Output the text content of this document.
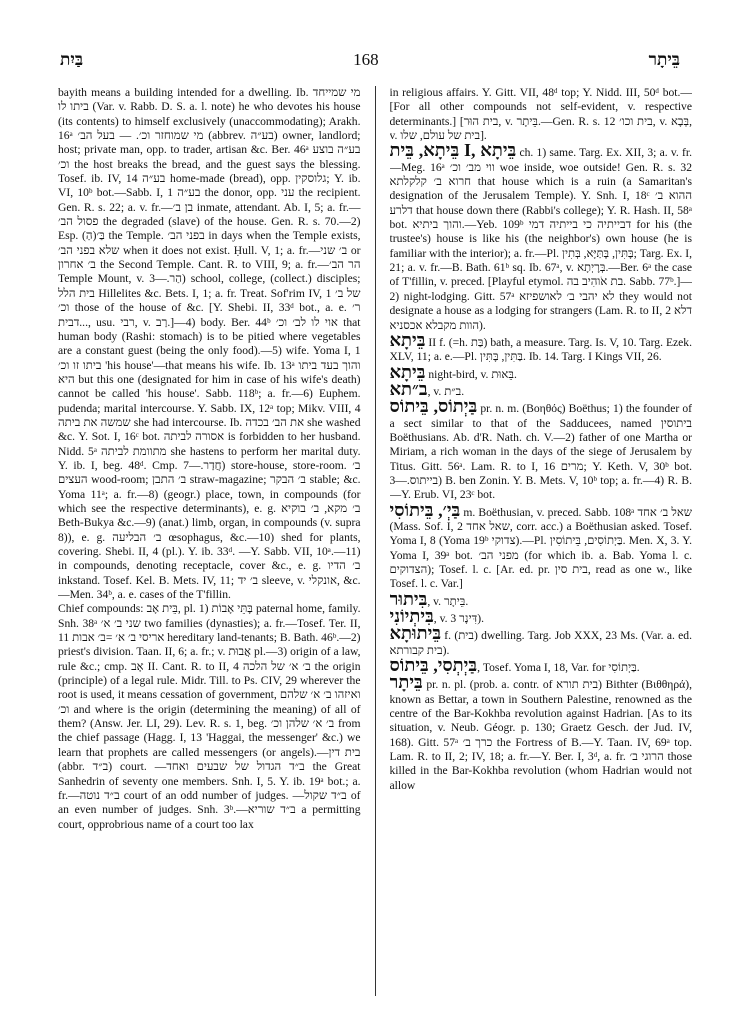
בַּיִת	168	בֵּיתָר

bayith means a building intended for a dwelling. Ib. מי שמייחד ביתו לו (Var. v. Rabb. D. S. a. l. note) he who devotes his house (its contents) to himself exclusively (unaccommodating); Arakh. 16ᵃ מי שמוחזר וכ׳. — בעל הב׳ (abbrev. בע״ה) owner, landlord; host; private man, opp. to trader, artisan &c. Ber. 46ᵃ בע״ה בוצע וכ׳ the host breaks the bread, and the guest says the blessing. Tosef. ib. IV, 14 בע״ה home-made (bread), opp. גלוסקין; Y. ib. VI, 10ᵇ bot.—Sabb. I, 1 בע״ה the donor, opp. עני the recipient. Gen. R. s. 22; a. v. fr.—בן ב׳ inmate, attendant. Ab. I, 5; a. fr.—פסול הב׳ the degraded (slave) of the house. Gen. R. s. 70.—2) Esp. (הַ)בַּ׳ the Temple. בפני הב׳ in days when the Temple exists, שלא בפני הב׳ when it does not exist. Ḥull. V, 1; a. fr.—ב׳ שני or ב׳ אחרון the Second Temple. Cant. R. to VIII, 9; a. fr.—הר הב׳ Temple Mount, v. הַר.—3) school, college, (collect.) disciples; בית הלל Hillelites &c. Bets. I, 1; a. fr. Treat. Sof'rim IV, 1 של ב׳ וכ׳ those of the house of &c. [Y. Shebi. II, 33ᵈ bot., a. e. ר׳ ...דבית, usu. רבי, v. רַב.]—4) body. Ber. 44ᵇ אוי לו לב׳ וכ׳ that human body (Rashi: stomach) is to be pitied where vegetables are a constant guest (being the only food).—5) wife. Yoma I, 1 ביתו זו וכ׳ 'his house'—that means his wife. Ib. 13ᵃ והוך בעד ביתו היא but this one (designated for him in case of his wife's death) cannot be called 'his house'. Sabb. 118ᵇ; a. fr.—6) Euphem. pudenda; marital intercourse. Y. Sabb. IX, 12ᵃ top; Mikv. VIII, 4 שמשה את ביתה she had intercourse. Ib. את הב׳ בכדה she washed &c. Y. Sot. I, 16ᶜ bot. אסורה לביתה is forbidden to her husband. Nidd. 5ᵃ מתוומת לביתה she hastens to perform her marital duty. Y. ib. I, beg. 48ᵈ. Cmp. חֲדַר.—7) store-house, store-room. ב׳ העצים wood-room; ב׳ התבן straw-magazine; ב׳ הבקר stable; &c. Yoma 11ᵃ; a. fr.—8) (geogr.) place, town, in compounds (for which see the respective determinants), e. g. ב׳ מקא, ב׳ בוקיא Beth-Bukya &c.—9) (anat.) limb, organ, in compounds (v. supra 8)), e. g. ב׳ הבליעה œsophagus, &c.—10) shed for plants, covering. Shebi. II, 4 (pl.). Y. ib. 33ᵈ. —Y. Sabb. VII, 10ᵃ.—11) in compounds, denoting receptacle, cover &c., e. g. ב׳ הדיו inkstand. Tosef. Kel. B. Mets. IV, 11; ב׳ יד sleeve, v. אונקלי, &c.—Men. 34ᵇ, a. e. cases of the T'fillin.

Chief compounds: בֵּית אָב, pl. 1) בָּתֵּי אָבוֹת paternal home, family. Snh. 38ᵃ שני ב׳ א׳ two families (dynasties); a. fr.—Tosef. Ter. II, 11 אריסי ב׳ א׳ =ב׳ אבות hereditary land-tenants; B. Bath. 46ᵇ.—2) priest's division. Taan. II, 6; a. fr.; v. אֲבוּת pl.—3) origin of a law, rule &c.; cmp. אָב II. Cant. R. to II, 4 ב׳ א׳ של הלכה the origin (principle) of a legal rule. Midr. Till. to Ps. CIV, 29 wherever the root is used, it means cessation of government, ואיזהו ב׳ א׳ שלהם וכ׳ and where is the origin (determining the meaning) of all of them? (Answ. Jer. LI, 29). Lev. R. s. 1, beg. ב׳ א׳ שלהן וכ׳ from the chief passage (Hagg. I, 13 'Haggai, the messenger' &c.) we learn that prophets are called messengers (or angels).—בית דין (abbr. ב״ד) court. —ב״ד הגדול של שבעים ואחד the Great Sanhedrin of seventy one members. Snh. I, 5. Y. ib. 19ᵃ bot.; a. fr.—ב״ד נוטה court of an odd number of judges. —ב״ד שקול of an even number of judges. Snh. 3ᵇ.—ב״ד שוריא a permitting court, opprobrious name of a court too lax

in religious affairs. Y. Gitt. VII, 48ᵈ top; Y. Nidd. III, 50ᵈ bot.—[For all other compounds not self-evident, v. respective determinants.] [בית הוּר, v. בֵּיתָר.—Gen. R. s. 12 בית וכו׳, v. בְּבָא, v. בית של עולם, שלו].

בֵּיתָא, בֵּית I, בֵּיתָא ch. 1) same. Targ. Ex. XII, 3; a. v. fr.—Meg. 16ᵃ ווי מב׳ וכ׳ woe inside, woe outside! Gen. R. s. 32 חרוא ב׳ קלקלתא that house which is a ruin (a Samaritan's designation of the Jerusalem Temple). Y. Snh. I, 18ᶜ ההוא ב׳ דלרע that house down there (Rabbi's college); Y. R. Hash. II, 58ᵃ bot. והוך ביתיא.—Yeb. 109ᵇ דבייתיה כי בייתיה דמי for his (the trustee's) house is like his (the neighbor's) own house (he is familiar with the interior); a. fr.—Pl. בָּתִּין, בָּתַּיָּא, בְּתִין; Targ. Ex. I, 21; a. v. fr.—B. Bath. 61ᵇ sq. Ib. 67ᵃ, v. בְּרָיְתָא.—Ber. 6ᵃ the case of T'fillin, v. preced. [Playful etymol. בת אֹוהִיב בה. Sabb. 77ᵇ.]—2) night-lodging. Gitt. 57ᵃ לא יהבי ב׳ לאושפיזא they would not designate a house as a lodging for strangers (Lam. R. to II, 2 דלא הוות מקבלא אכסניא).

בֵּיתָא II f. (=h. בַּת) bath, a measure. Targ. Is. V, 10. Targ. Ezek. XLV, 11; a. e.—Pl. בַּתִּין, בָּתִּין. Ib. 14. Targ. I Kings VII, 26.

בֵּיתָא night-bird, v. בֵּאוּת.

ב״תא, v. ב״ת.

בַּיְתוֹס, בֵּיתוֹס pr. n. m. (Βοηθός) Boëthus; 1) the founder of a sect similar to that of the Sadducees, named ביתוסין Boëthusians. Ab. d'R. Nath. ch. V.—2) father of one Martha or Miriam, a rich woman in the days of the siege of Jerusalem by Titus. Gitt. 56ᵃ. Lam. R. to I, 16 מרים; Y. Keth. V, 30ᵇ bot. בייתוס.—3) B. ben Zonin. Y. B. Mets. V, 10ᵇ top; a. fr.—4) R. B.—Y. Erub. VI, 23ᶜ bot.

בַּיְ׳, בֵּיתוֹסִי m. Boëthusian, v. preced. Sabb. 108ᵃ שאל ב׳ אחד (Mass. Sof. I, 2 שאל אחד, corr. acc.) a Boëthusian asked. Tosef. Yoma I, 8 (Yoma 19ᵇ צדוקי).—Pl. בַּיְתוֹסִים, בֵּיתוֹסִין. Men. X, 3. Y. Yoma I, 39ᵃ bot. מפני הב׳ (for which ib. a. Bab. Yoma l. c. הצדוקים); Tosef. l. c. [Ar. ed. pr. בית סין, read as one w., like Tosef. l. c. Var.]

בִּיתוּר, v. בֵּיתָר.

בִּיתְיוֹנִי, v. דִּינָר 3).

בֵּיתוּתָא f. (בית) dwelling. Targ. Job XXX, 23 Ms. (Var. a. ed. בית קבורתא).

בַּיְתְסִי, בֵּיתוֹס, Tosef. Yoma I, 18, Var. for בַּיְתוֹסִי.

בֵּיתָר pr. n. pl. (prob. a. contr. of בית תורא) Bithter (Βιθθηρά), known as Bettar, a town in Southern Palestine, renowned as the centre of the Bar-Kokhba revolution against Hadrian. [As to its situation, v. Neub. Géogr. p. 130; Graetz Gesch. der Jud. IV, 168). Gitt. 57ᵃ כרך ב׳ the Fortress of B.—Y. Taan. IV, 69ᵃ top. Lam. R. to II, 2; IV, 18; a. fr.—Y. Ber. I, 3ᵈ, a. fr. הרוגי ב׳ those killed in the Bar-Kokhba revolution (whom Hadrian would not allow
